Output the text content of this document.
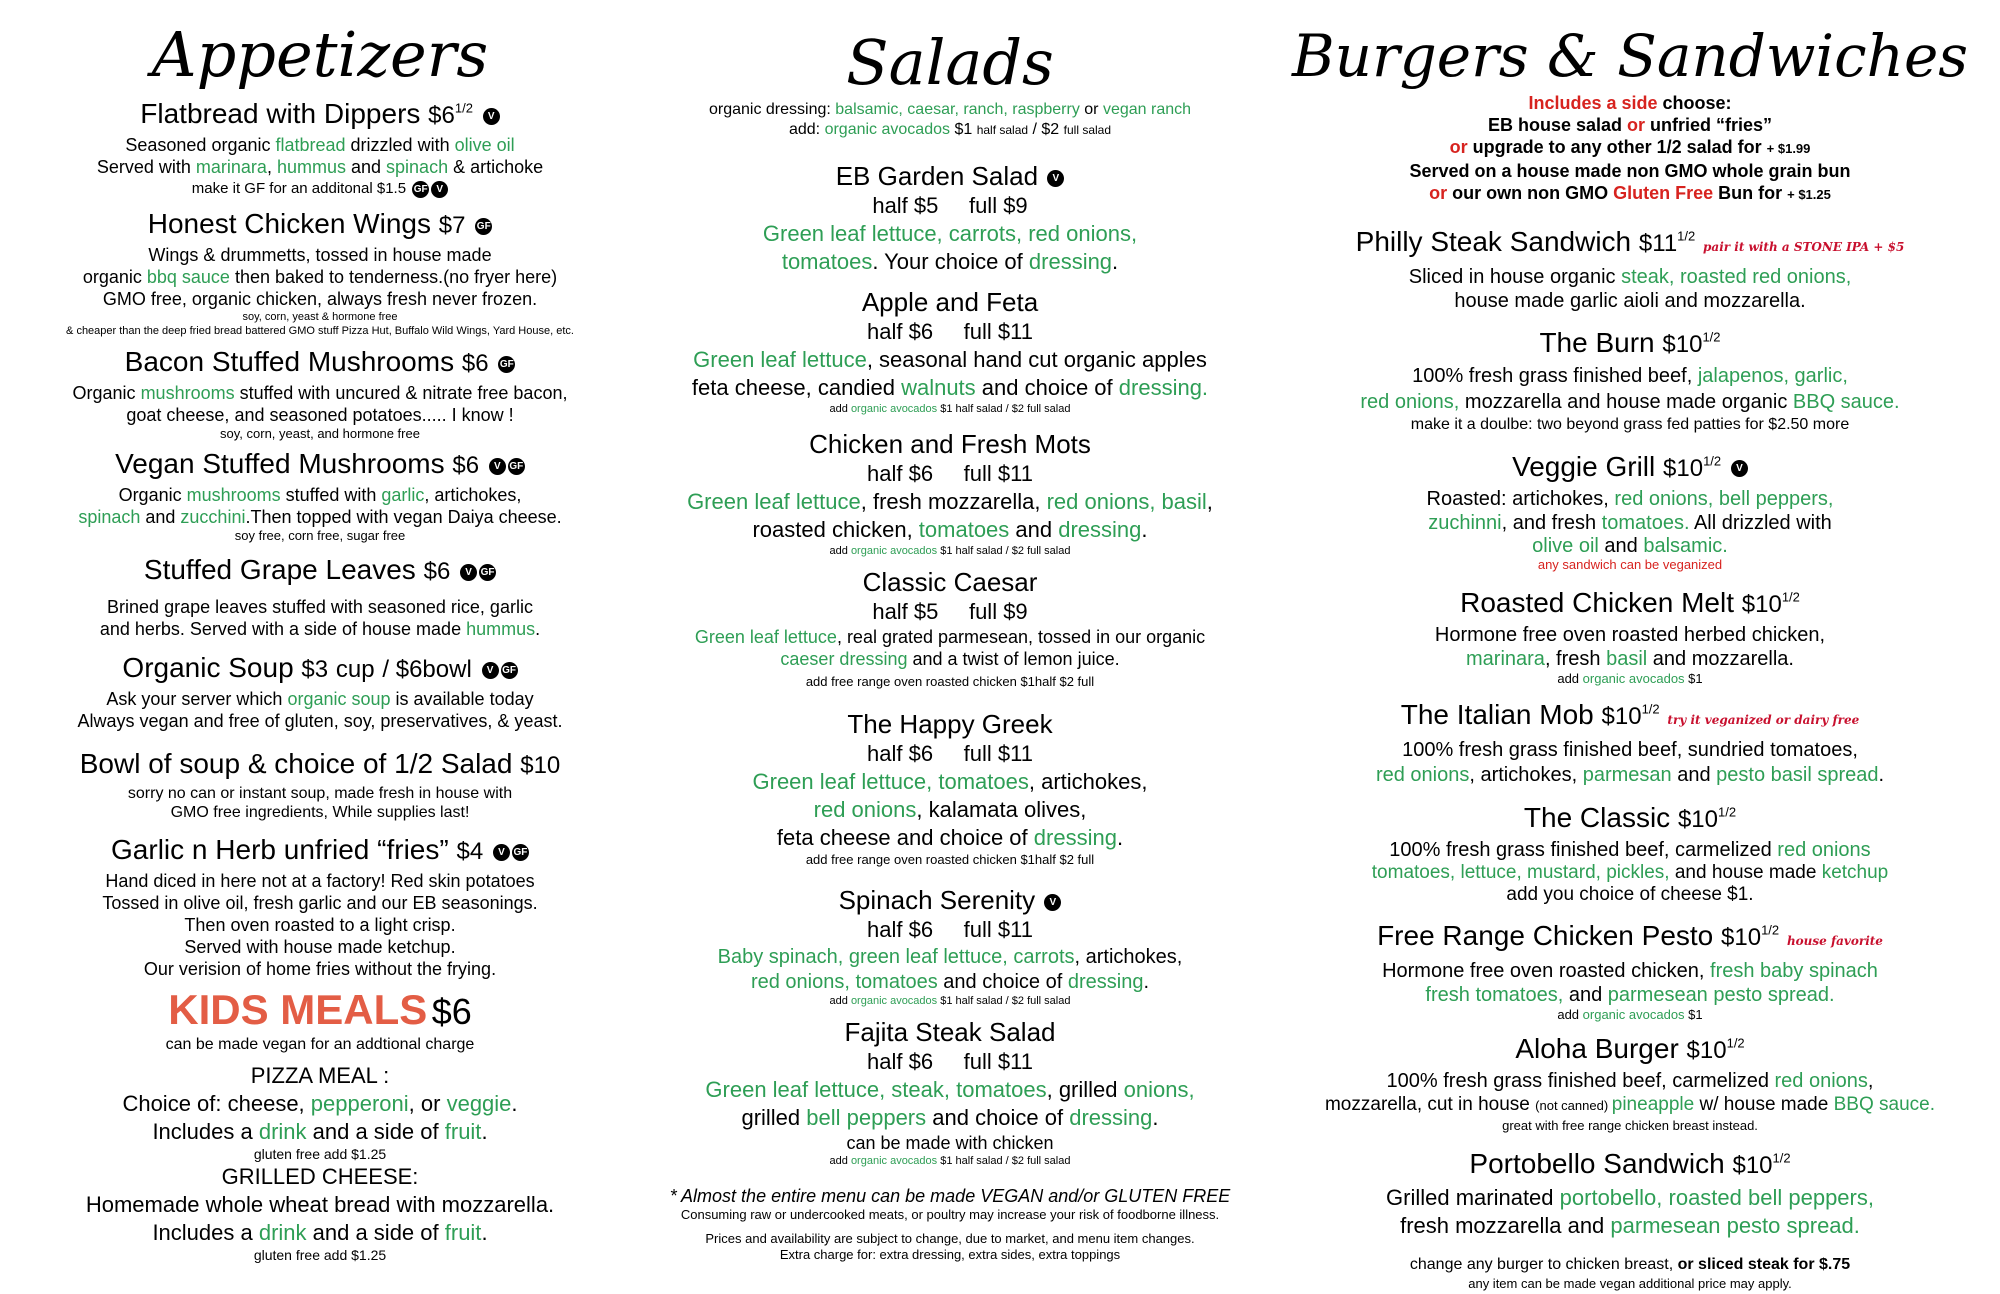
Appetizers
Flatbread with Dippers $\$6^{1/2}$ V
Seasoned organic flatbread drizzled with olive oil
Served with marinara, hummus and spinach & artichoke
make it GF for an additonal $1.5 GF V
Honest Chicken Wings $7 GF
Wings & drummetts, tossed in house made
organic bbq sauce then baked to tenderness.(no fryer here)
GMO free, organic chicken, always fresh never frozen.
soy, corn, yeast & hormone free
& cheaper than the deep fried bread battered GMO stuff Pizza Hut, Buffalo Wild Wings, Yard House, etc.
Bacon Stuffed Mushrooms $6 GF
Organic mushrooms stuffed with uncured & nitrate free bacon,
goat cheese, and seasoned potatoes..... I know !
soy, corn, yeast, and hormone free
Vegan Stuffed Mushrooms $6 V GF
Organic mushrooms stuffed with garlic, artichokes,
spinach and zucchini.Then topped with vegan Daiya cheese.
soy free, corn free, sugar free
Stuffed Grape Leaves $6 V GF
Brined grape leaves stuffed with seasoned rice, garlic
and herbs. Served with a side of house made hummus.
Organic Soup $3 cup / $6bowl V GF
Ask your server which organic soup is available today
Always vegan and free of gluten, soy, preservatives, & yeast.
Bowl of soup & choice of 1/2 Salad $10
sorry no can or instant soup, made fresh in house with
GMO free ingredients, While supplies last!
Garlic n Herb unfried “fries” $4 V GF
Hand diced in here not at a factory! Red skin potatoes
Tossed in olive oil, fresh garlic and our EB seasonings.
Then oven roasted to a light crisp.
Served with house made ketchup.
Our verision of home fries without the frying.
KIDS MEALS $6
can be made vegan for an addtional charge
PIZZA MEAL :
Choice of: cheese, pepperoni, or veggie.
Includes a drink and a side of fruit.
gluten free add $1.25
GRILLED CHEESE:
Homemade whole wheat bread with mozzarella.
Includes a drink and a side of fruit.
gluten free add $1.25
Salads
organic dressing: balsamic, caesar, ranch, raspberry or vegan ranch
add: organic avocados $1 half salad / $2 full salad
EB Garden Salad V
half $5 full $9
Green leaf lettuce, carrots, red onions,
tomatoes. Your choice of dressing.
Apple and Feta
half $6 full $11
Green leaf lettuce, seasonal hand cut organic apples
feta cheese, candied walnuts and choice of dressing.
add organic avocados $1 half salad / $2 full salad
Chicken and Fresh Mots
half $6 full $11
Green leaf lettuce, fresh mozzarella, red onions, basil,
roasted chicken, tomatoes and dressing.
add organic avocados $1 half salad / $2 full salad
Classic Caesar
half $5 full $9
Green leaf lettuce, real grated parmesean, tossed in our organic
caeser dressing and a twist of lemon juice.
add free range oven roasted chicken $1half $2 full
The Happy Greek
half $6 full $11
Green leaf lettuce, tomatoes, artichokes,
red onions, kalamata olives,
feta cheese and choice of dressing.
add free range oven roasted chicken $1half $2 full
Spinach Serenity V
half $6 full $11
Baby spinach, green leaf lettuce, carrots, artichokes,
red onions, tomatoes and choice of dressing.
add organic avocados $1 half salad / $2 full salad
Fajita Steak Salad
half $6 full $11
Green leaf lettuce, steak, tomatoes, grilled onions,
grilled bell peppers and choice of dressing.
can be made with chicken
add organic avocados $1 half salad / $2 full salad
* Almost the entire menu can be made VEGAN and/or GLUTEN FREE
Consuming raw or undercooked meats, or poultry may increase your risk of foodborne illness.
Prices and availability are subject to change, due to market, and menu item changes.
Extra charge for: extra dressing, extra sides, extra toppings
Burgers & Sandwiches
Includes a side choose:
EB house salad or unfried “fries”
or upgrade to any other 1/2 salad for + $1.99
Served on a house made non GMO whole grain bun
or our own non GMO Gluten Free Bun for + $1.25
Philly Steak Sandwich $\$11^{1/2}$ pair it with a STONE IPA + $5
Sliced in house organic steak, roasted red onions,
house made garlic aioli and mozzarella.
The Burn $\$10^{1/2}$
100% fresh grass finished beef, jalapenos, garlic,
red onions, mozzarella and house made organic BBQ sauce.
make it a doulbe: two beyond grass fed patties for $2.50 more
Veggie Grill $\$10^{1/2}$ V
Roasted: artichokes, red onions, bell peppers,
zuchinni, and fresh tomatoes. All drizzled with
olive oil and balsamic.
any sandwich can be veganized
Roasted Chicken Melt $\$10^{1/2}$
Hormone free oven roasted herbed chicken,
marinara, fresh basil and mozzarella.
add organic avocados $1
The Italian Mob $\$10^{1/2}$ try it veganized or dairy free
100% fresh grass finished beef, sundried tomatoes,
red onions, artichokes, parmesan and pesto basil spread.
The Classic $\$10^{1/2}$
100% fresh grass finished beef, carmelized red onions
tomatoes, lettuce, mustard, pickles, and house made ketchup
add you choice of cheese $1.
Free Range Chicken Pesto $\$10^{1/2}$ house favorite
Hormone free oven roasted chicken, fresh baby spinach
fresh tomatoes, and parmesean pesto spread.
add organic avocados $1
Aloha Burger $\$10^{1/2}$
100% fresh grass finished beef, carmelized red onions,
mozzarella, cut in house (not canned) pineapple w/ house made BBQ sauce.
great with free range chicken breast instead.
Portobello Sandwich $\$10^{1/2}$
Grilled marinated portobello, roasted bell peppers,
fresh mozzarella and parmesean pesto spread.
change any burger to chicken breast, or sliced steak for $.75
any item can be made vegan additional price may apply.
